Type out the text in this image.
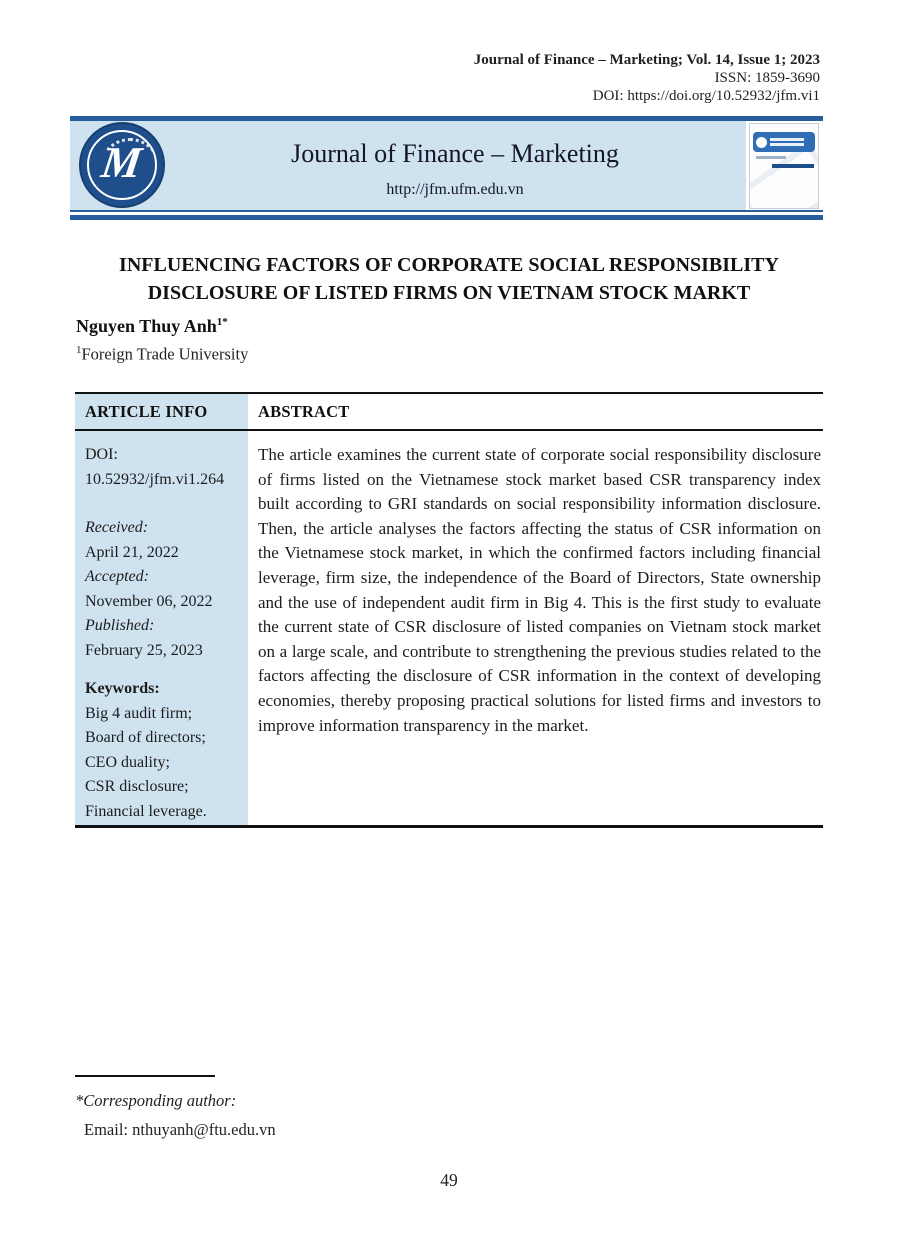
Journal of Finance – Marketing; Vol. 14, Issue 1; 2023
ISSN: 1859-3690
DOI: https://doi.org/10.52932/jfm.vi1
Journal of Finance – Marketing
http://jfm.ufm.edu.vn
M
INFLUENCING FACTORS OF CORPORATE SOCIAL RESPONSIBILITY
DISCLOSURE OF LISTED FIRMS ON VIETNAM STOCK MARKT
Nguyen Thuy Anh$^{1*}$
$^1$Foreign Trade University
ARTICLE INFO	ABSTRACT
DOI:
10.52932/jfm.vi1.264
Received:
April 21, 2022
Accepted:
November 06, 2022
Published:
February 25, 2023
Keywords:
Big 4 audit firm;
Board of directors;
CEO duality;
CSR disclosure;
Financial leverage.
The article examines the current state of corporate social responsibility disclosure of firms listed on the Vietnamese stock market based CSR transparency index built according to GRI standards on social responsibility information disclosure. Then, the article analyses the factors affecting the status of CSR information on the Vietnamese stock market, in which the confirmed factors including financial leverage, firm size, the independence of the Board of Directors, State ownership and the use of independent audit firm in Big 4. This is the first study to evaluate the current state of CSR disclosure of listed companies on Vietnam stock market on a large scale, and contribute to strengthening the previous studies related to the factors affecting the disclosure of CSR information in the context of developing economies, thereby proposing practical solutions for listed firms and investors to improve information transparency in the market.
*Corresponding author:
Email: nthuyanh@ftu.edu.vn
49
